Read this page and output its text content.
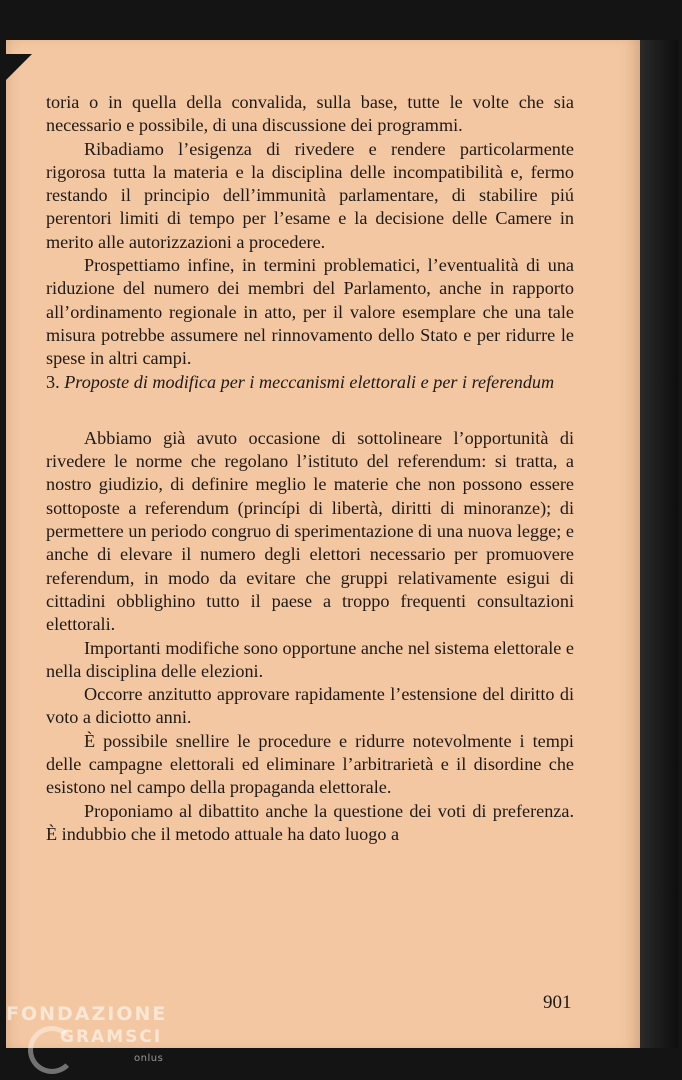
toria o in quella della convalida, sulla base, tutte le volte che sia necessario e possibile, di una discussione dei programmi.

Ribadiamo l’esigenza di rivedere e rendere particolarmente rigorosa tutta la materia e la disciplina delle incompatibilità e, fermo restando il principio dell’immunità parlamentare, di stabilire piú perentori limiti di tempo per l’esame e la decisione delle Camere in merito alle autorizzazioni a procedere.

Prospettiamo infine, in termini problematici, l’eventualità di una riduzione del numero dei membri del Parlamento, anche in rapporto all’ordinamento regionale in atto, per il valore esemplare che una tale misura potrebbe assumere nel rinnovamento dello Stato e per ridurre le spese in altri campi.

3. Proposte di modifica per i meccanismi elettorali e per i referendum

Abbiamo già avuto occasione di sottolineare l’opportunità di rivedere le norme che regolano l’istituto del referendum: si tratta, a nostro giudizio, di definire meglio le materie che non possono essere sottoposte a referendum (princípi di libertà, diritti di minoranze); di permettere un periodo congruo di sperimentazione di una nuova legge; e anche di elevare il numero degli elettori necessario per promuovere referendum, in modo da evitare che gruppi relativamente esigui di cittadini obblighino tutto il paese a troppo frequenti consultazioni elettorali.

Importanti modifiche sono opportune anche nel sistema elettorale e nella disciplina delle elezioni.

Occorre anzitutto approvare rapidamente l’estensione del diritto di voto a diciotto anni.

È possibile snellire le procedure e ridurre notevolmente i tempi delle campagne elettorali ed eliminare l’arbitrarietà e il disordine che esistono nel campo della propaganda elettorale.

Proponiamo al dibattito anche la questione dei voti di preferenza. È indubbio che il metodo attuale ha dato luogo a

901
FONDAZIONE
GRAMSCI
onlus
